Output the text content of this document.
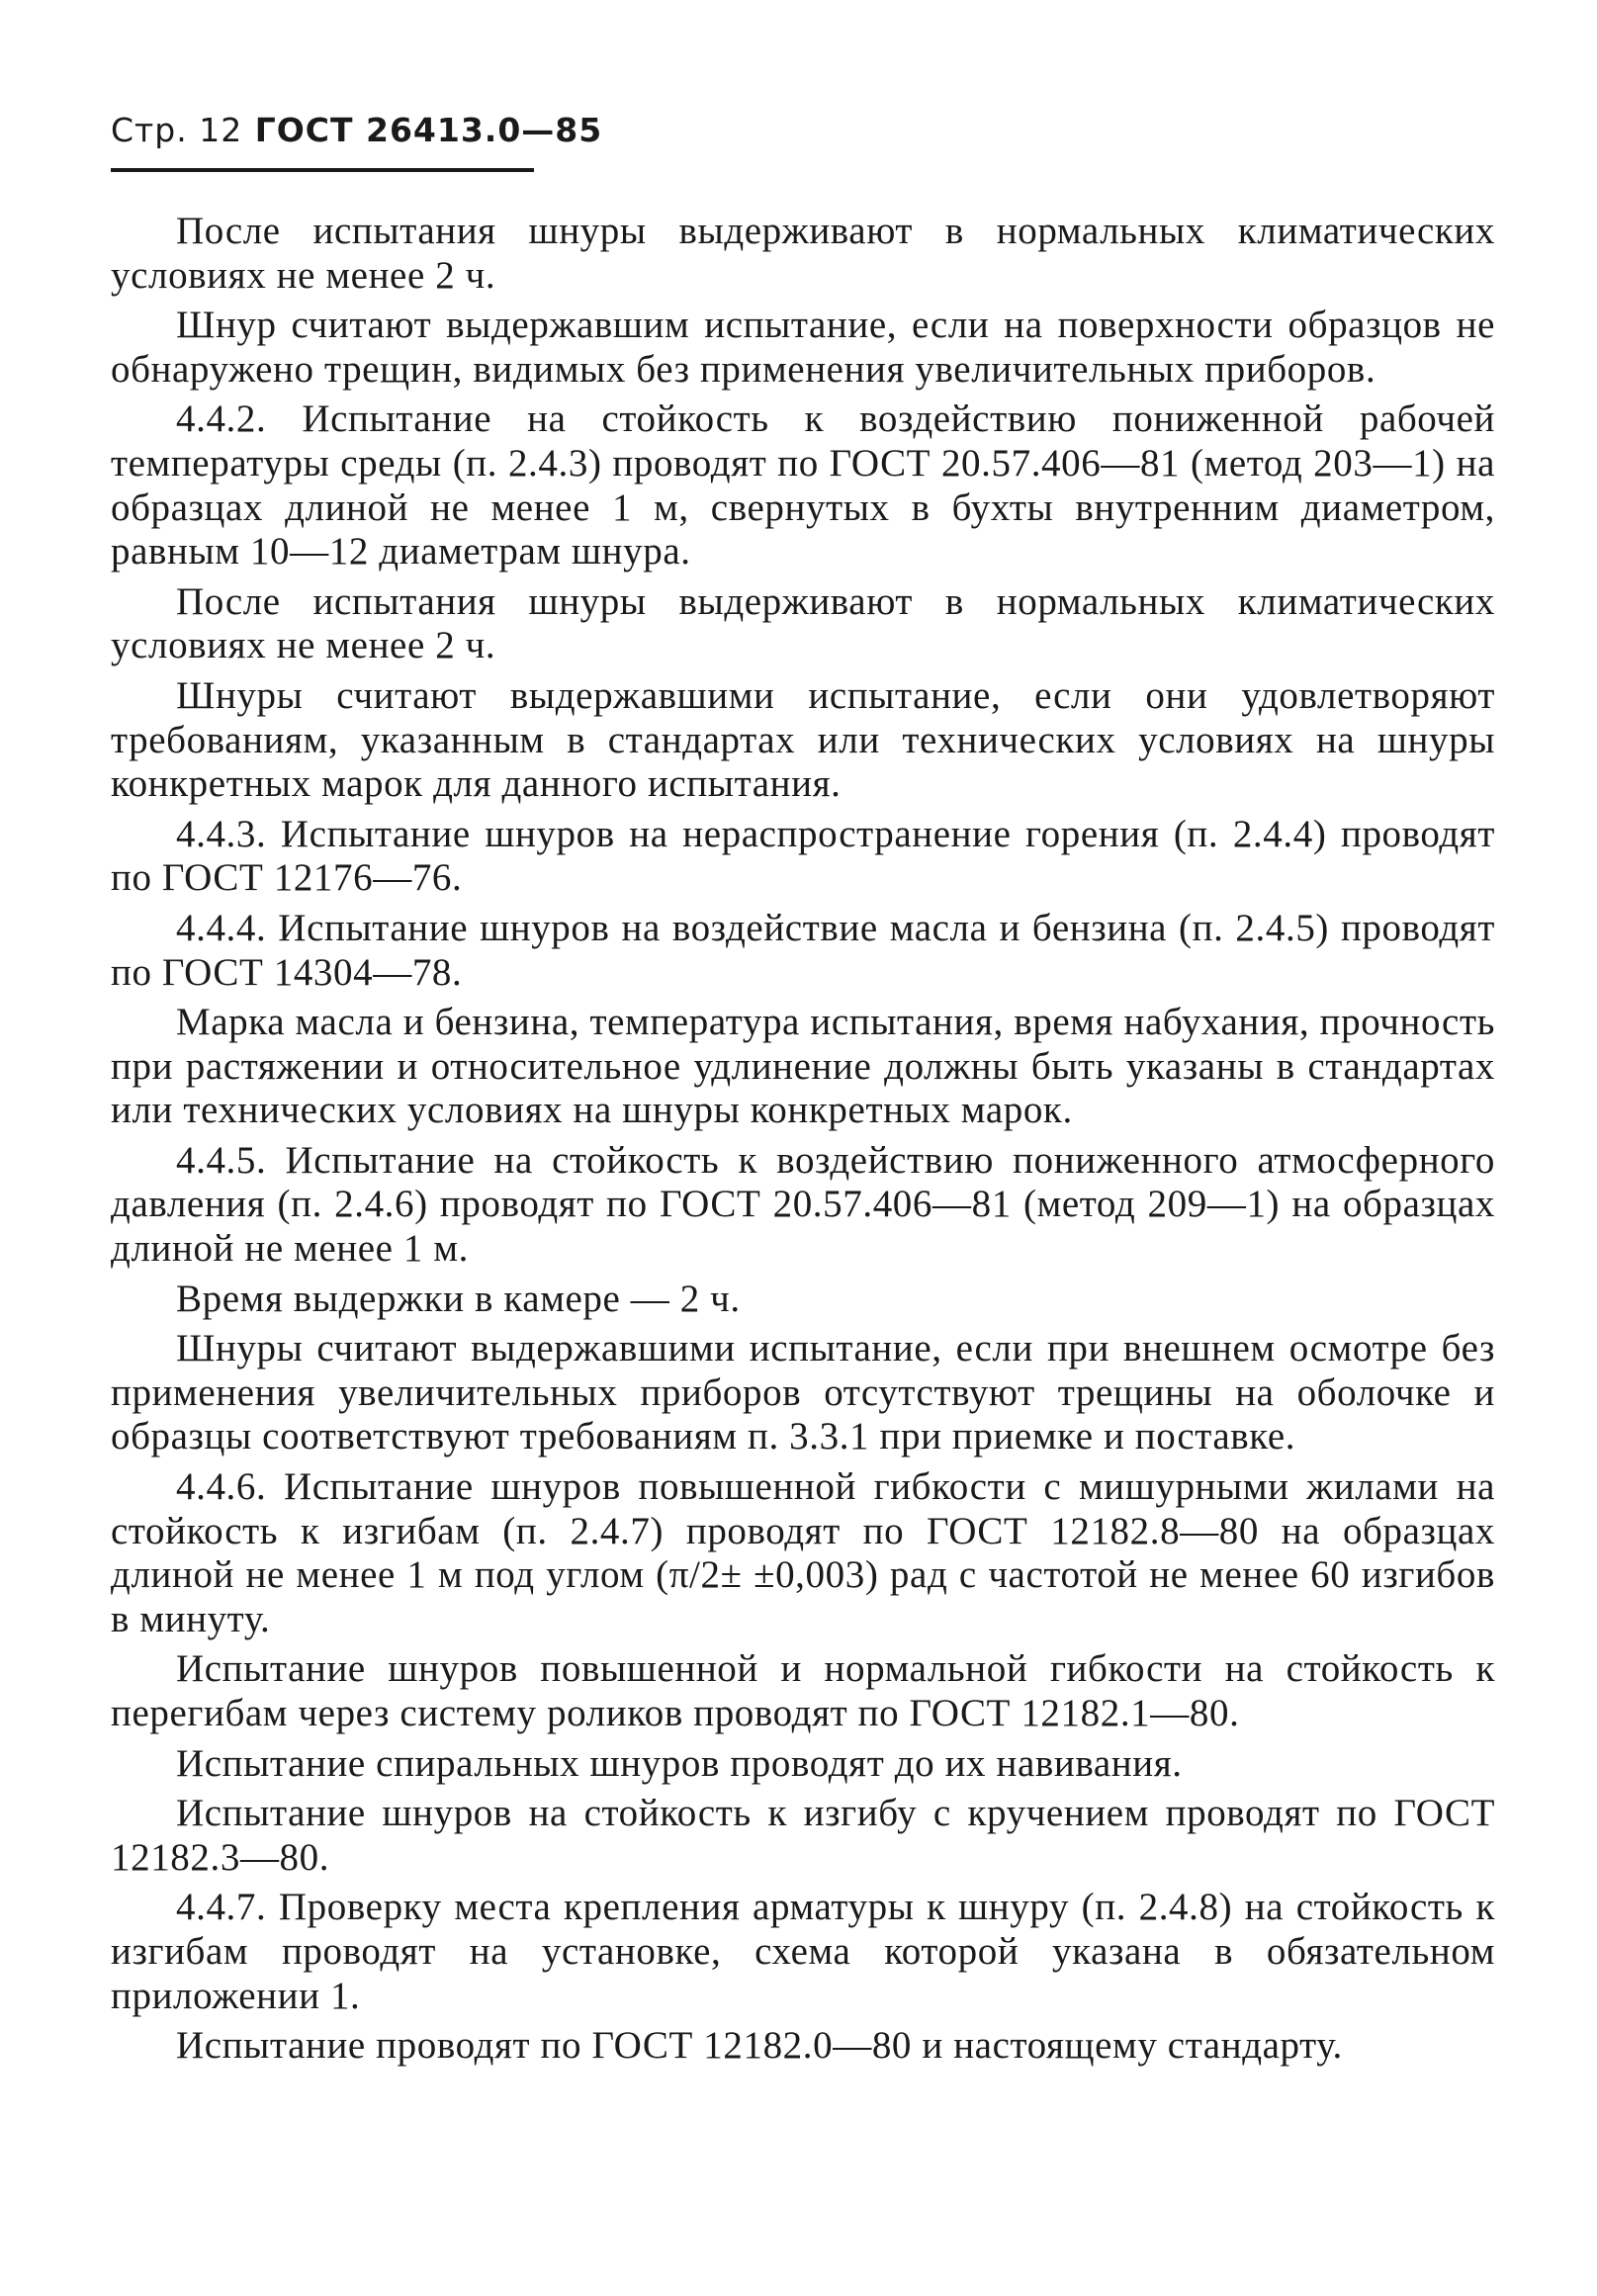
Стр. 12 ГОСТ 26413.0—85

После испытания шнуры выдерживают в нормальных климатических условиях не менее 2 ч.

Шнур считают выдержавшим испытание, если на поверхности образцов не обнаружено трещин, видимых без применения увеличительных приборов.

4.4.2. Испытание на стойкость к воздействию пониженной рабочей температуры среды (п. 2.4.3) проводят по ГОСТ 20.57.406—81 (метод 203—1) на образцах длиной не менее 1 м, свернутых в бухты внутренним диаметром, равным 10—12 диаметрам шнура.

После испытания шнуры выдерживают в нормальных климатических условиях не менее 2 ч.

Шнуры считают выдержавшими испытание, если они удовлетворяют требованиям, указанным в стандартах или технических условиях на шнуры конкретных марок для данного испытания.

4.4.3. Испытание шнуров на нераспространение горения (п. 2.4.4) проводят по ГОСТ 12176—76.

4.4.4. Испытание шнуров на воздействие масла и бензина (п. 2.4.5) проводят по ГОСТ 14304—78.

Марка масла и бензина, температура испытания, время набухания, прочность при растяжении и относительное удлинение должны быть указаны в стандартах или технических условиях на шнуры конкретных марок.

4.4.5. Испытание на стойкость к воздействию пониженного атмосферного давления (п. 2.4.6) проводят по ГОСТ 20.57.406—81 (метод 209—1) на образцах длиной не менее 1 м.

Время выдержки в камере — 2 ч.

Шнуры считают выдержавшими испытание, если при внешнем осмотре без применения увеличительных приборов отсутствуют трещины на оболочке и образцы соответствуют требованиям п. 3.3.1 при приемке и поставке.

4.4.6. Испытание шнуров повышенной гибкости с мишурными жилами на стойкость к изгибам (п. 2.4.7) проводят по ГОСТ 12182.8—80 на образцах длиной не менее 1 м под углом (π/2± ±0,003) рад с частотой не менее 60 изгибов в минуту.

Испытание шнуров повышенной и нормальной гибкости на стойкость к перегибам через систему роликов проводят по ГОСТ 12182.1—80.

Испытание спиральных шнуров проводят до их навивания.

Испытание шнуров на стойкость к изгибу с кручением проводят по ГОСТ 12182.3—80.

4.4.7. Проверку места крепления арматуры к шнуру (п. 2.4.8) на стойкость к изгибам проводят на установке, схема которой указана в обязательном приложении 1.

Испытание проводят по ГОСТ 12182.0—80 и настоящему стандарту.
